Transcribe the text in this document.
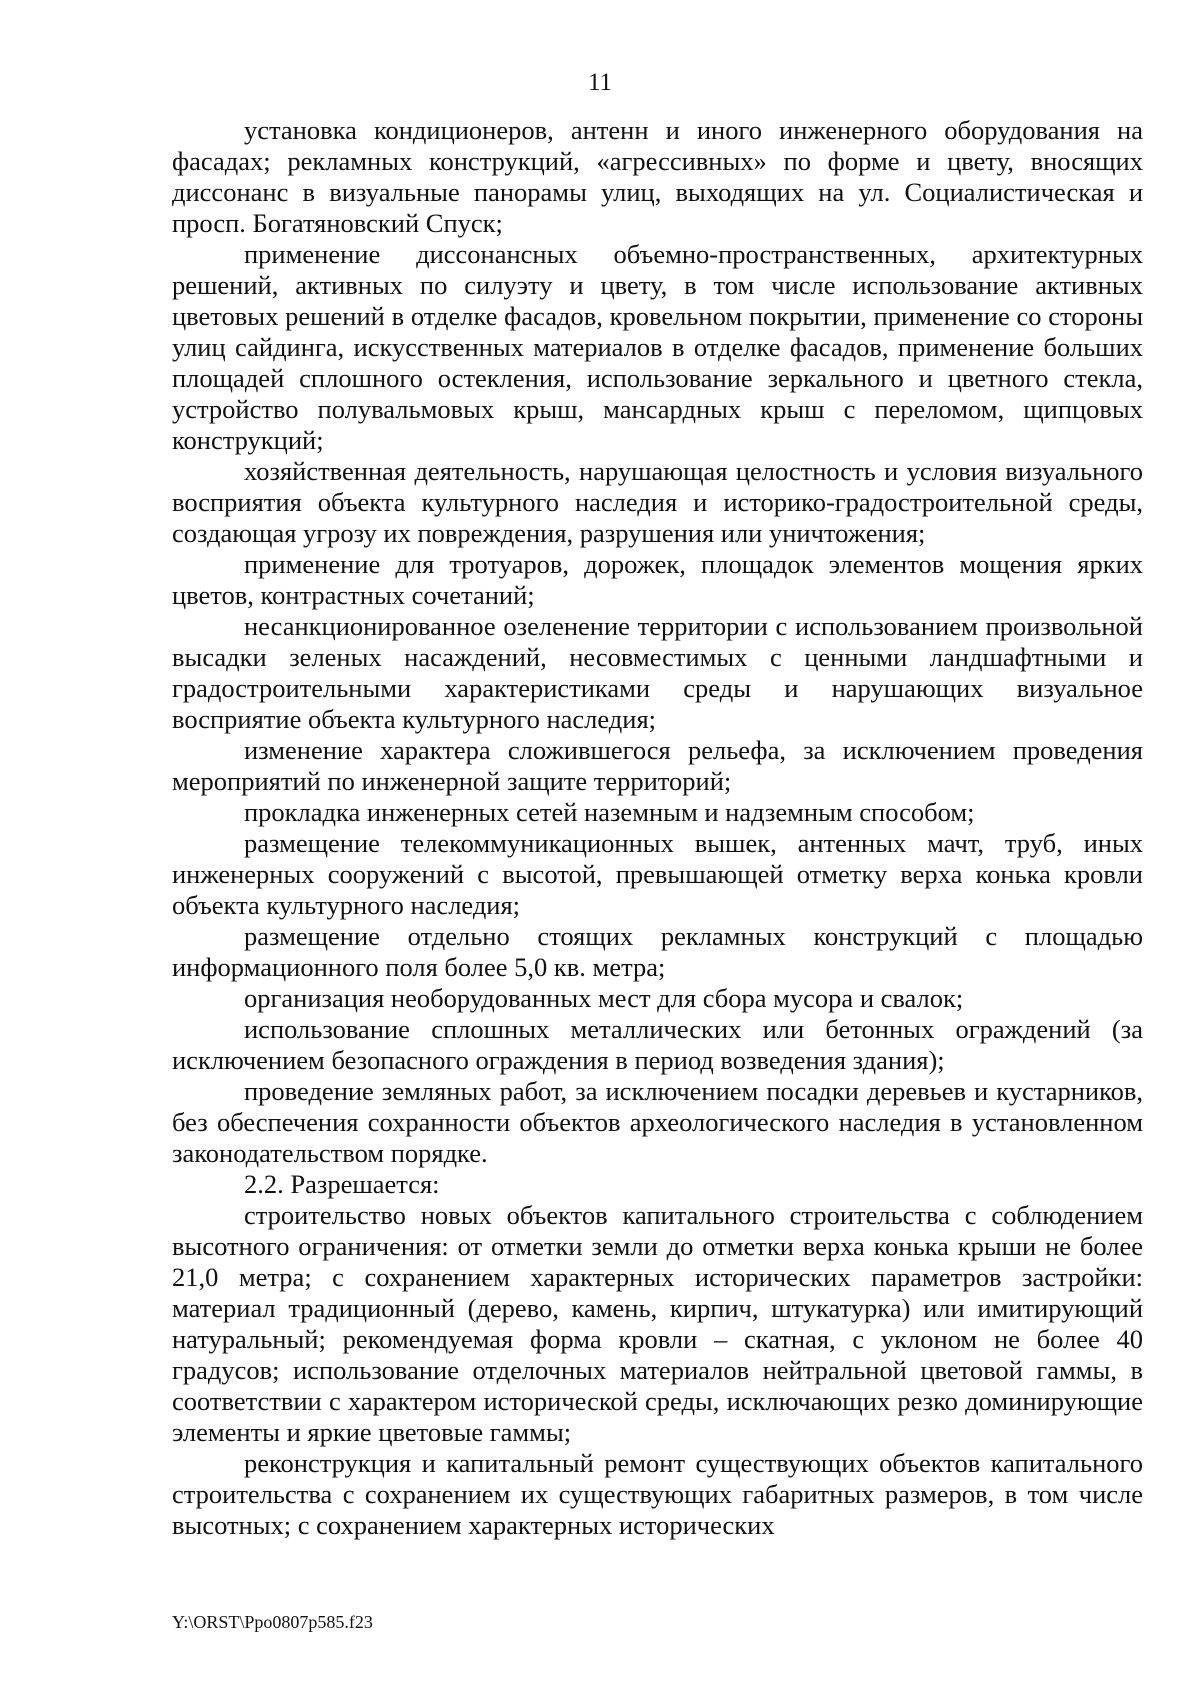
11

установка кондиционеров, антенн и иного инженерного оборудования на фасадах; рекламных конструкций, «агрессивных» по форме и цвету, вносящих диссонанс в визуальные панорамы улиц, выходящих на ул. Социалистическая и просп. Богатяновский Спуск;

применение диссонансных объемно-пространственных, архитектурных решений, активных по силуэту и цвету, в том числе использование активных цветовых решений в отделке фасадов, кровельном покрытии, применение со стороны улиц сайдинга, искусственных материалов в отделке фасадов, применение больших площадей сплошного остекления, использование зеркального и цветного стекла, устройство полувальмовых крыш, мансардных крыш с переломом, щипцовых конструкций;

хозяйственная деятельность, нарушающая целостность и условия визуального восприятия объекта культурного наследия и историко-градостроительной среды, создающая угрозу их повреждения, разрушения или уничтожения;

применение для тротуаров, дорожек, площадок элементов мощения ярких цветов, контрастных сочетаний;

несанкционированное озеленение территории с использованием произвольной высадки зеленых насаждений, несовместимых с ценными ландшафтными и градостроительными характеристиками среды и нарушающих визуальное восприятие объекта культурного наследия;

изменение характера сложившегося рельефа, за исключением проведения мероприятий по инженерной защите территорий;

прокладка инженерных сетей наземным и надземным способом;

размещение телекоммуникационных вышек, антенных мачт, труб, иных инженерных сооружений с высотой, превышающей отметку верха конька кровли объекта культурного наследия;

размещение отдельно стоящих рекламных конструкций с площадью информационного поля более 5,0 кв. метра;

организация необорудованных мест для сбора мусора и свалок;

использование сплошных металлических или бетонных ограждений (за исключением безопасного ограждения в период возведения здания);

проведение земляных работ, за исключением посадки деревьев и кустарников, без обеспечения сохранности объектов археологического наследия в установленном законодательством порядке.

2.2. Разрешается:

строительство новых объектов капитального строительства с соблюдением высотного ограничения: от отметки земли до отметки верха конька крыши не более 21,0 метра; с сохранением характерных исторических параметров застройки: материал традиционный (дерево, камень, кирпич, штукатурка) или имитирующий натуральный; рекомендуемая форма кровли – скатная, с уклоном не более 40 градусов; использование отделочных материалов нейтральной цветовой гаммы, в соответствии с характером исторической среды, исключающих резко доминирующие элементы и яркие цветовые гаммы;

реконструкция и капитальный ремонт существующих объектов капитального строительства с сохранением их существующих габаритных размеров, в том числе высотных; с сохранением характерных исторических

Y:\ORST\Ppo0807p585.f23
